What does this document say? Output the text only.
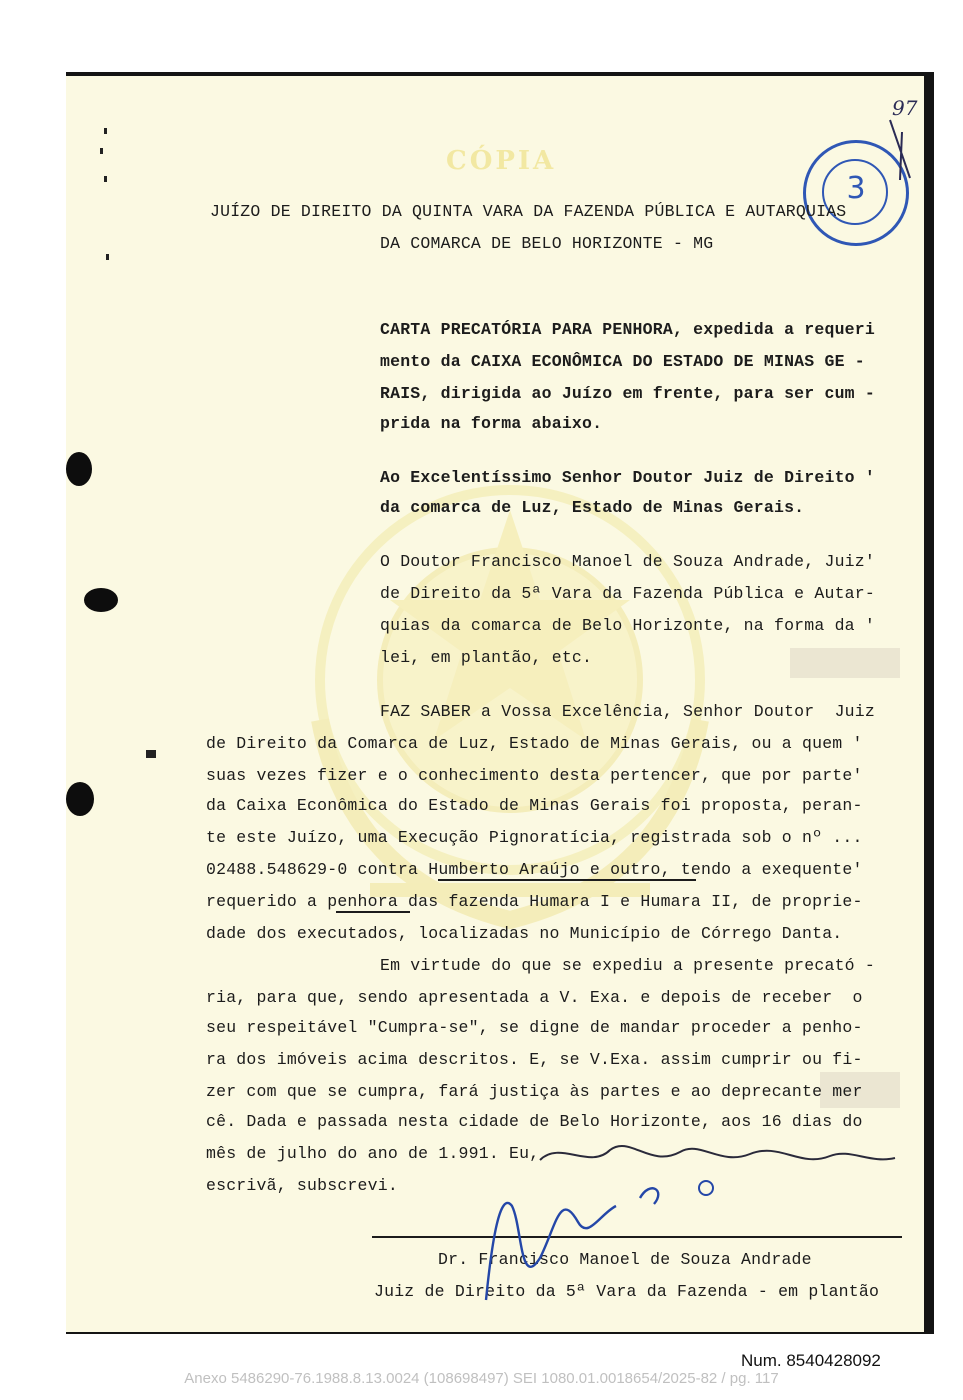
CÓPIA
3
97
JUÍZO DE DIREITO DA QUINTA VARA DA FAZENDA PÚBLICA E AUTARQUIAS
DA COMARCA DE BELO HORIZONTE - MG
CARTA PRECATÓRIA PARA PENHORA, expedida a requeri
mento da CAIXA ECONÔMICA DO ESTADO DE MINAS GE -
RAIS, dirigida ao Juízo em frente, para ser cum -
prida na forma abaixo.
Ao Excelentíssimo Senhor Doutor Juiz de Direito '
da comarca de Luz, Estado de Minas Gerais.
O Doutor Francisco Manoel de Souza Andrade, Juiz'
de Direito da 5ª Vara da Fazenda Pública e Autar-
quias da comarca de Belo Horizonte, na forma da '
lei, em plantão, etc.
FAZ SABER a Vossa Excelência, Senhor Doutor  Juiz
de Direito da Comarca de Luz, Estado de Minas Gerais, ou a quem '
suas vezes fizer e o conhecimento desta pertencer, que por parte'
da Caixa Econômica do Estado de Minas Gerais foi proposta, peran-
te este Juízo, uma Execução Pignoratícia, registrada sob o nº ...
02488.548629-0 contra Humberto Araújo e outro, tendo a exequente'
requerido a penhora das fazenda Humara I e Humara II, de proprie-
dade dos executados, localizadas no Município de Córrego Danta.
Em virtude do que se expediu a presente precató -
ria, para que, sendo apresentada a V. Exa. e depois de receber  o
seu respeitável "Cumpra-se", se digne de mandar proceder a penho-
ra dos imóveis acima descritos. E, se V.Exa. assim cumprir ou fi-
zer com que se cumpra, fará justiça às partes e ao deprecante mer
cê. Dada e passada nesta cidade de Belo Horizonte, aos 16 dias do
mês de julho do ano de 1.991. Eu,
escrivã, subscrevi.
Dr. Francisco Manoel de Souza Andrade
Juiz de Direito da 5ª Vara da Fazenda - em plantão
Num. 8540428092
Anexo 5486290-76.1988.8.13.0024 (108698497) SEI 1080.01.0018654/2025-82 / pg. 117
